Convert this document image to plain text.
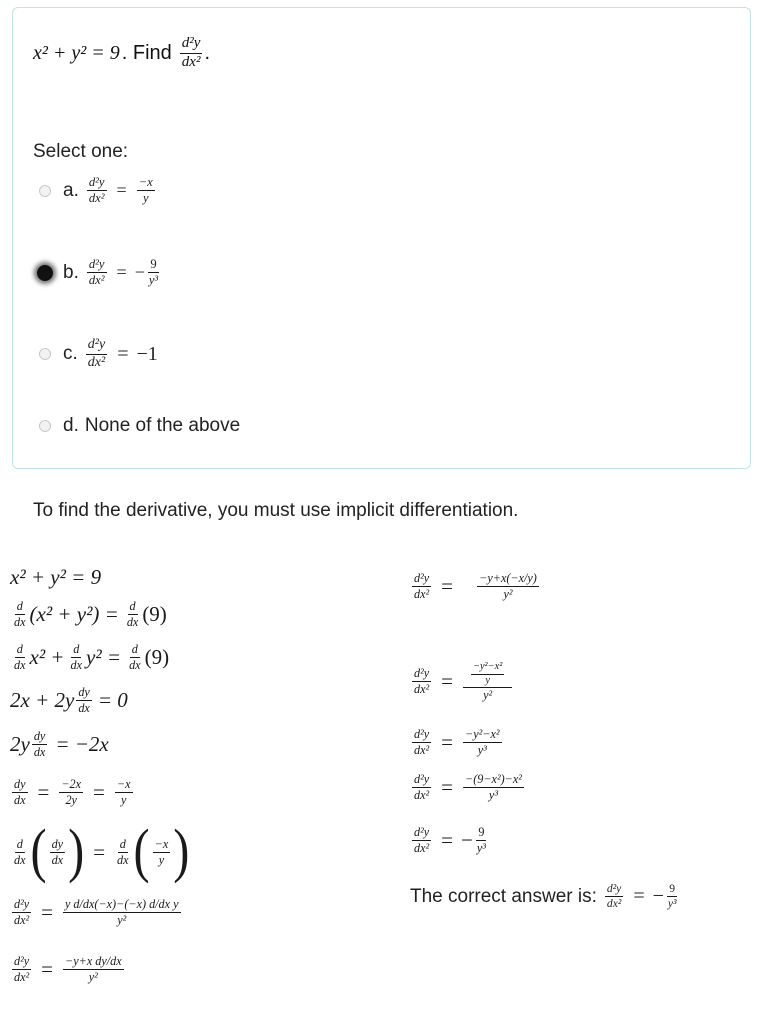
x² + y² = 9 . Find $\frac{\text{d²y}}{\text{dx²}}$ .
Select one:
a. $\frac{\text{d²y}}{\text{dx²}} = \frac{-x}{y}$
b. $\frac{\text{d²y}}{\text{dx²}}$ = − $\frac{9}{\text{y³}}$
c. $\frac{\text{d²y}}{\text{dx²}} = -1$
d. None of the above
To find the derivative, you must use implicit differentiation.
x² + y² = 9
$\frac{d}{dx} (x^2 + y^2) = \frac{d}{dx} (9)$
$\frac{d}{dx} x^2 + \frac{d}{dx} y^2 = \frac{d}{dx} (9)$
$2x + 2y \frac{dy}{dx} = 0$
$2y \frac{dy}{dx} = -2x$
$\frac{dy}{dx} = \frac{-2x}{2y} = \frac{-x}{y}$
$\frac{d}{dx}$ ( $\frac{dy}{dx}$ ) = $\frac{d}{dx}$ ( $\frac{-x}{y}$ )
$\frac{\text{d²y}}{\text{dx²}} = \frac{\text{y d/dx(−x)−(−x) d/dx y}}{\text{y²}}$
$\frac{\text{d²y}}{\text{dx²}} = \frac{\text{−y+x dy/dx}}{\text{y²}}$
$\frac{\text{d²y}}{\text{dx²}} = \frac{-y+x(-x/y)}{\text{y²}}$
$\frac{\text{d²y}}{\text{dx²}} = \frac{\frac{\text{−y²−x²}}{y}}{\text{y²}}$
$\frac{\text{d²y}}{\text{dx²}} = \frac{\text{−y²−x²}}{\text{y³}}$
$\frac{\text{d²y}}{\text{dx²}} = \frac{\text{−(9−x²)−x²}}{\text{y³}}$
$\frac{\text{d²y}}{\text{dx²}}$ = − $\frac{9}{\text{y³}}$
The correct answer is: $\frac{\text{d²y}}{\text{dx²}}$ = − $\frac{9}{\text{y³}}$
